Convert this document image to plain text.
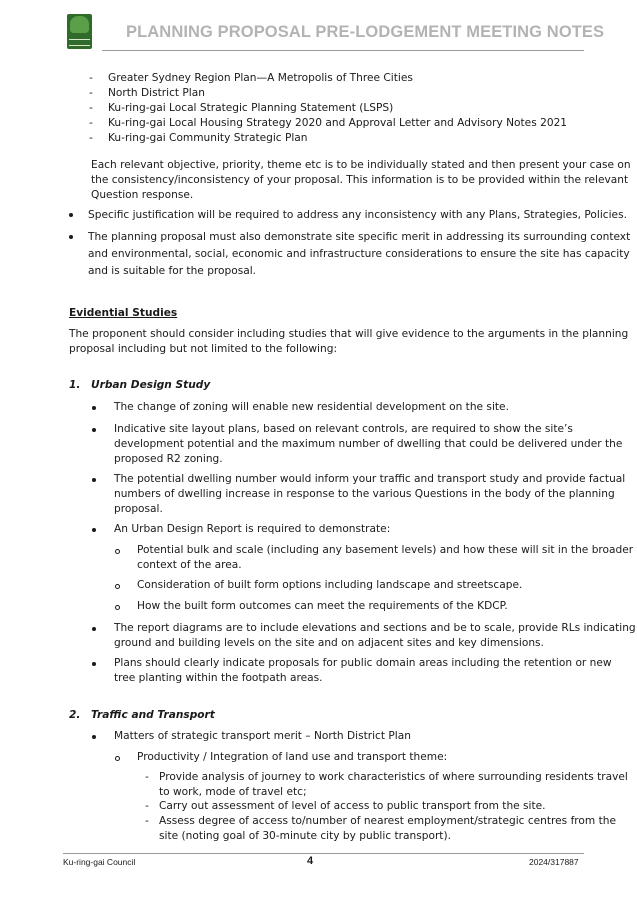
PLANNING PROPOSAL PRE-LODGEMENT MEETING NOTES
- Greater Sydney Region Plan—A Metropolis of Three Cities
- North District Plan
- Ku-ring-gai Local Strategic Planning Statement (LSPS)
- Ku-ring-gai Local Housing Strategy 2020 and Approval Letter and Advisory Notes 2021
- Ku-ring-gai Community Strategic Plan
Each relevant objective, priority, theme etc is to be individually stated and then present your case on
the consistency/inconsistency of your proposal. This information is to be provided within the relevant
Question response.
Specific justification will be required to address any inconsistency with any Plans, Strategies, Policies.
The planning proposal must also demonstrate site specific merit in addressing its surrounding context
and environmental, social, economic and infrastructure considerations to ensure the site has capacity
and is suitable for the proposal.
Evidential Studies
The proponent should consider including studies that will give evidence to the arguments in the planning
proposal including but not limited to the following:
1. Urban Design Study
The change of zoning will enable new residential development on the site.
Indicative site layout plans, based on relevant controls, are required to show the site’s
development potential and the maximum number of dwelling that could be delivered under the
proposed R2 zoning.
The potential dwelling number would inform your traffic and transport study and provide factual
numbers of dwelling increase in response to the various Questions in the body of the planning
proposal.
An Urban Design Report is required to demonstrate:
Potential bulk and scale (including any basement levels) and how these will sit in the broader
context of the area.
Consideration of built form options including landscape and streetscape.
How the built form outcomes can meet the requirements of the KDCP.
The report diagrams are to include elevations and sections and be to scale, provide RLs indicating
ground and building levels on the site and on adjacent sites and key dimensions.
Plans should clearly indicate proposals for public domain areas including the retention or new
tree planting within the footpath areas.
2. Traffic and Transport
Matters of strategic transport merit – North District Plan
Productivity / Integration of land use and transport theme:
- Provide analysis of journey to work characteristics of where surrounding residents travel
to work, mode of travel etc;
- Carry out assessment of level of access to public transport from the site.
- Assess degree of access to/number of nearest employment/strategic centres from the
site (noting goal of 30-minute city by public transport).
Ku-ring-gai Council	4	2024/317887
